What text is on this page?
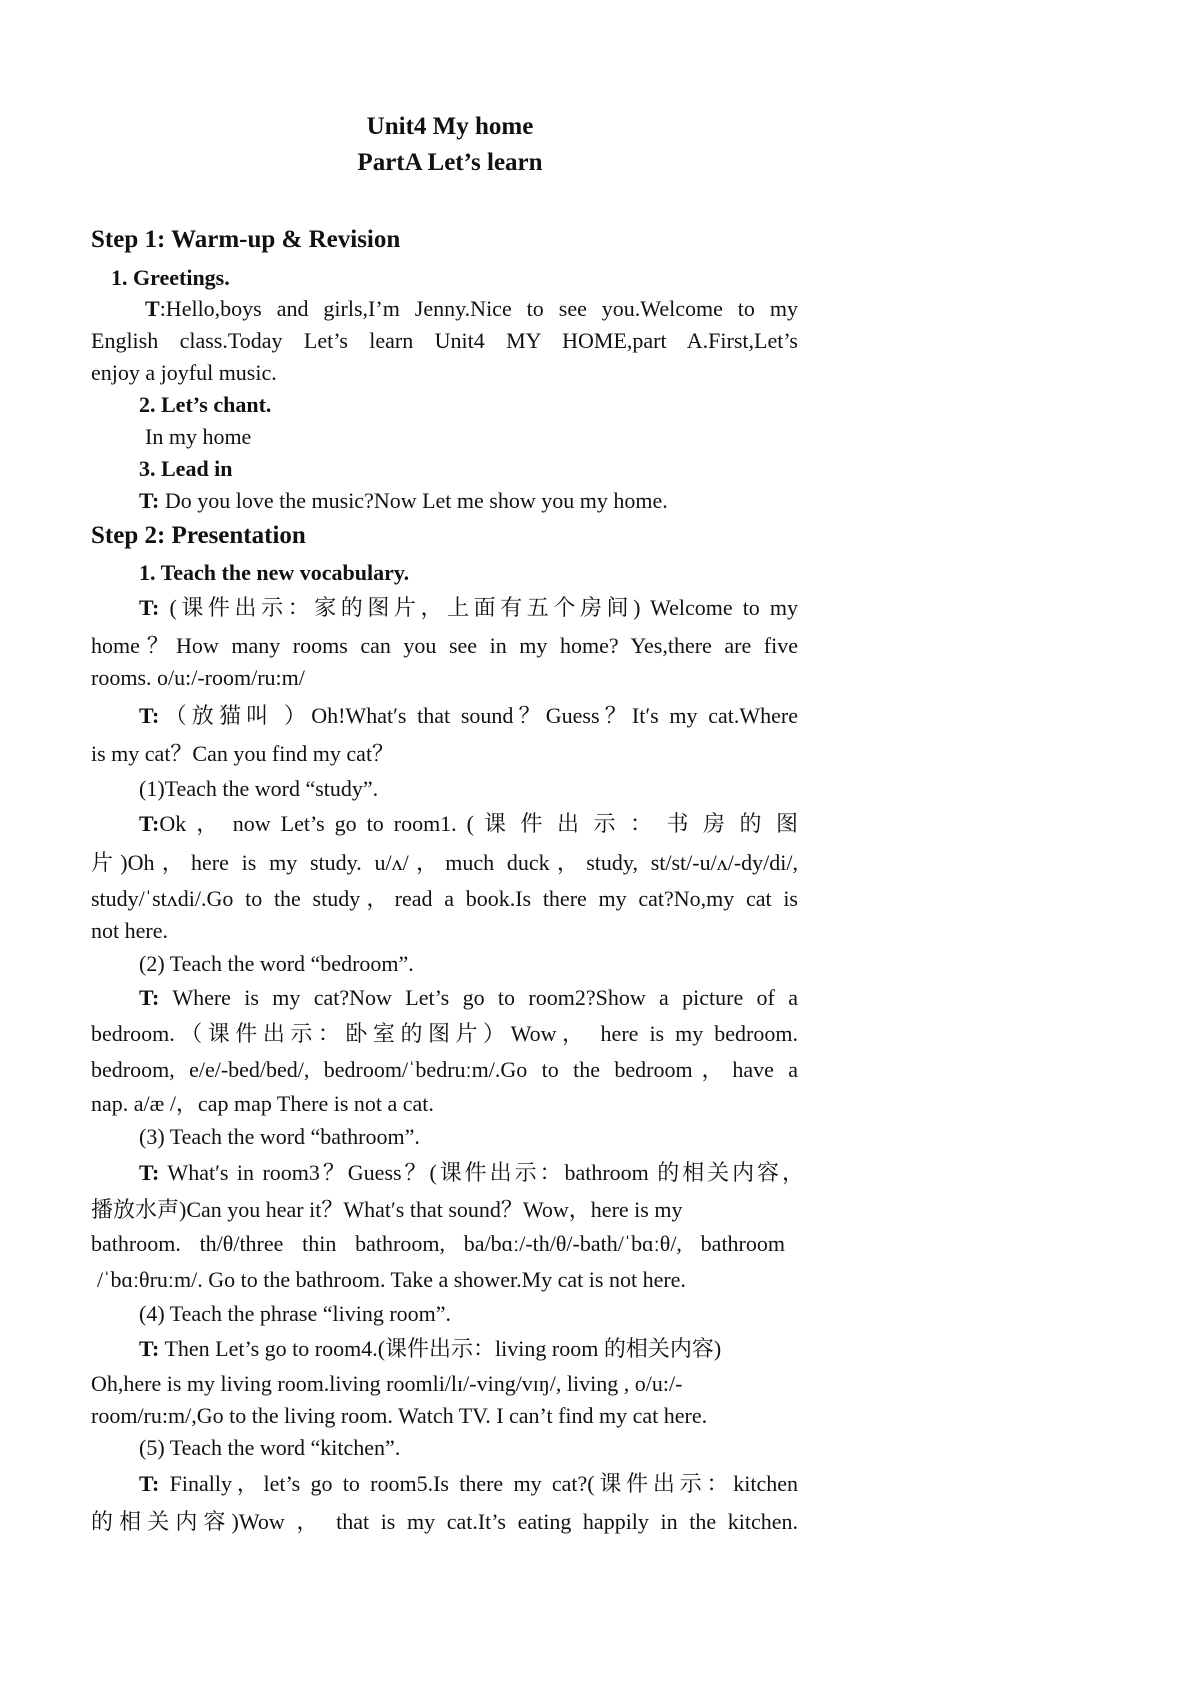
Unit4 My home
PartA Let’s learn
Step 1: Warm-up & Revision
1. Greetings.
T:Hello,boys and girls,I’m Jenny.Nice to see you.Welcome to my
English class.Today Let’s learn Unit4 MY HOME,part A.First,Let’s
enjoy a joyful music.
2. Let’s chant.
In my home
3. Lead in
T: Do you love the music?Now Let me show you my home.
Step 2: Presentation
1. Teach the new vocabulary.
T: (课件出示：家的图片，上面有五个房间) Welcome to my
home？How many rooms can you see in my home? Yes,there are five
rooms. o/u:/-room/ru:m/
T:（放猫叫 ）Oh!What′s that sound？Guess？It′s my cat.Where
is my cat？Can you find my cat？
(1)Teach the word “study”.
T:Ok ， now Let’s go to room1. ( 课 件 出 示 ： 书 房 的 图
片)Oh，here is my study. u/ʌ/，much duck，study, st/st/-u/ʌ/-dy/di/,
study/ˈstʌdi/.Go to the study，read a book.Is there my cat?No,my cat is
not here.
(2) Teach the word “bedroom”.
T: Where is my cat?Now Let’s go to room2?Show a picture of a
bedroom.（课件出示：卧室的图片）Wow， here is my bedroom.
bedroom, e/e/-bed/bed/, bedroom/ˈbedruːm/.Go to the bedroom，have a
nap. a/æ /，cap map There is not a cat.
(3) Teach the word “bathroom”.
T: What′s in room3？Guess？(课件出示：bathroom 的相关内容，
播放水声)Can you hear it？What′s that sound？Wow，here is my
bathroom. th/θ/three thin bathroom, ba/bɑː/-th/θ/-bath/ˈbɑːθ/, bathroom
/ˈbɑːθruːm/. Go to the bathroom. Take a shower.My cat is not here.
(4) Teach the phrase “living room”.
T: Then Let’s go to room4.(课件出示：living room 的相关内容)
Oh,here is my living room.living roomli/lɪ/-ving/vɪŋ/, living , o/u:/-
room/ru:m/,Go to the living room. Watch TV. I can’t find my cat here.
(5) Teach the word “kitchen”.
T: Finally，let’s go to room5.Is there my cat?(课件出示：kitchen
的相关内容)Wow ， that is my cat.It’s eating happily in the kitchen.
